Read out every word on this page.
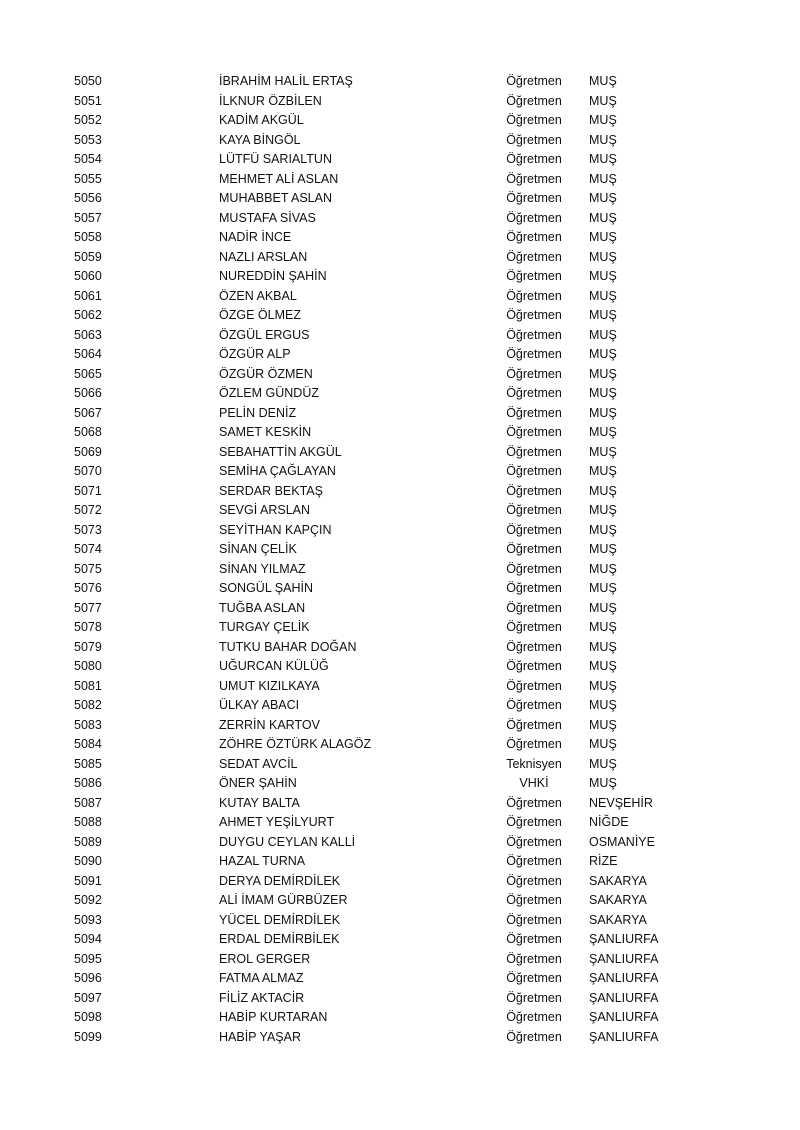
5050	İBRAHİM HALİL ERTAŞ	Öğretmen	MUŞ
5051	İLKNUR ÖZBİLEN	Öğretmen	MUŞ
5052	KADİM AKGÜL	Öğretmen	MUŞ
5053	KAYA BİNGÖL	Öğretmen	MUŞ
5054	LÜTFÜ SARIALTUN	Öğretmen	MUŞ
5055	MEHMET ALİ ASLAN	Öğretmen	MUŞ
5056	MUHABBET ASLAN	Öğretmen	MUŞ
5057	MUSTAFA SİVAS	Öğretmen	MUŞ
5058	NADİR İNCE	Öğretmen	MUŞ
5059	NAZLI ARSLAN	Öğretmen	MUŞ
5060	NUREDDİN ŞAHİN	Öğretmen	MUŞ
5061	ÖZEN AKBAL	Öğretmen	MUŞ
5062	ÖZGE ÖLMEZ	Öğretmen	MUŞ
5063	ÖZGÜL ERGUS	Öğretmen	MUŞ
5064	ÖZGÜR ALP	Öğretmen	MUŞ
5065	ÖZGÜR ÖZMEN	Öğretmen	MUŞ
5066	ÖZLEM GÜNDÜZ	Öğretmen	MUŞ
5067	PELİN DENİZ	Öğretmen	MUŞ
5068	SAMET KESKİN	Öğretmen	MUŞ
5069	SEBAHATTİN AKGÜL	Öğretmen	MUŞ
5070	SEMİHA ÇAĞLAYAN	Öğretmen	MUŞ
5071	SERDAR BEKTAŞ	Öğretmen	MUŞ
5072	SEVGİ ARSLAN	Öğretmen	MUŞ
5073	SEYİTHAN KAPÇIN	Öğretmen	MUŞ
5074	SİNAN ÇELİK	Öğretmen	MUŞ
5075	SİNAN YILMAZ	Öğretmen	MUŞ
5076	SONGÜL ŞAHİN	Öğretmen	MUŞ
5077	TUĞBA ASLAN	Öğretmen	MUŞ
5078	TURGAY ÇELİK	Öğretmen	MUŞ
5079	TUTKU BAHAR DOĞAN	Öğretmen	MUŞ
5080	UĞURCAN KÜLÜĞ	Öğretmen	MUŞ
5081	UMUT KIZILKAYA	Öğretmen	MUŞ
5082	ÜLKAY ABACI	Öğretmen	MUŞ
5083	ZERRİN KARTOV	Öğretmen	MUŞ
5084	ZÖHRE ÖZTÜRK ALAGÖZ	Öğretmen	MUŞ
5085	SEDAT AVCİL	Teknisyen	MUŞ
5086	ÖNER ŞAHİN	VHKİ	MUŞ
5087	KUTAY BALTA	Öğretmen	NEVŞEHİR
5088	AHMET YEŞİLYURT	Öğretmen	NİĞDE
5089	DUYGU CEYLAN KALLİ	Öğretmen	OSMANİYE
5090	HAZAL TURNA	Öğretmen	RİZE
5091	DERYA DEMİRDİLEK	Öğretmen	SAKARYA
5092	ALİ İMAM GÜRBÜZER	Öğretmen	SAKARYA
5093	YÜCEL DEMİRDİLEK	Öğretmen	SAKARYA
5094	ERDAL DEMİRBİLEK	Öğretmen	ŞANLIURFA
5095	EROL GERGER	Öğretmen	ŞANLIURFA
5096	FATMA ALMAZ	Öğretmen	ŞANLIURFA
5097	FİLİZ AKTACİR	Öğretmen	ŞANLIURFA
5098	HABİP KURTARAN	Öğretmen	ŞANLIURFA
5099	HABİP YAŞAR	Öğretmen	ŞANLIURFA
